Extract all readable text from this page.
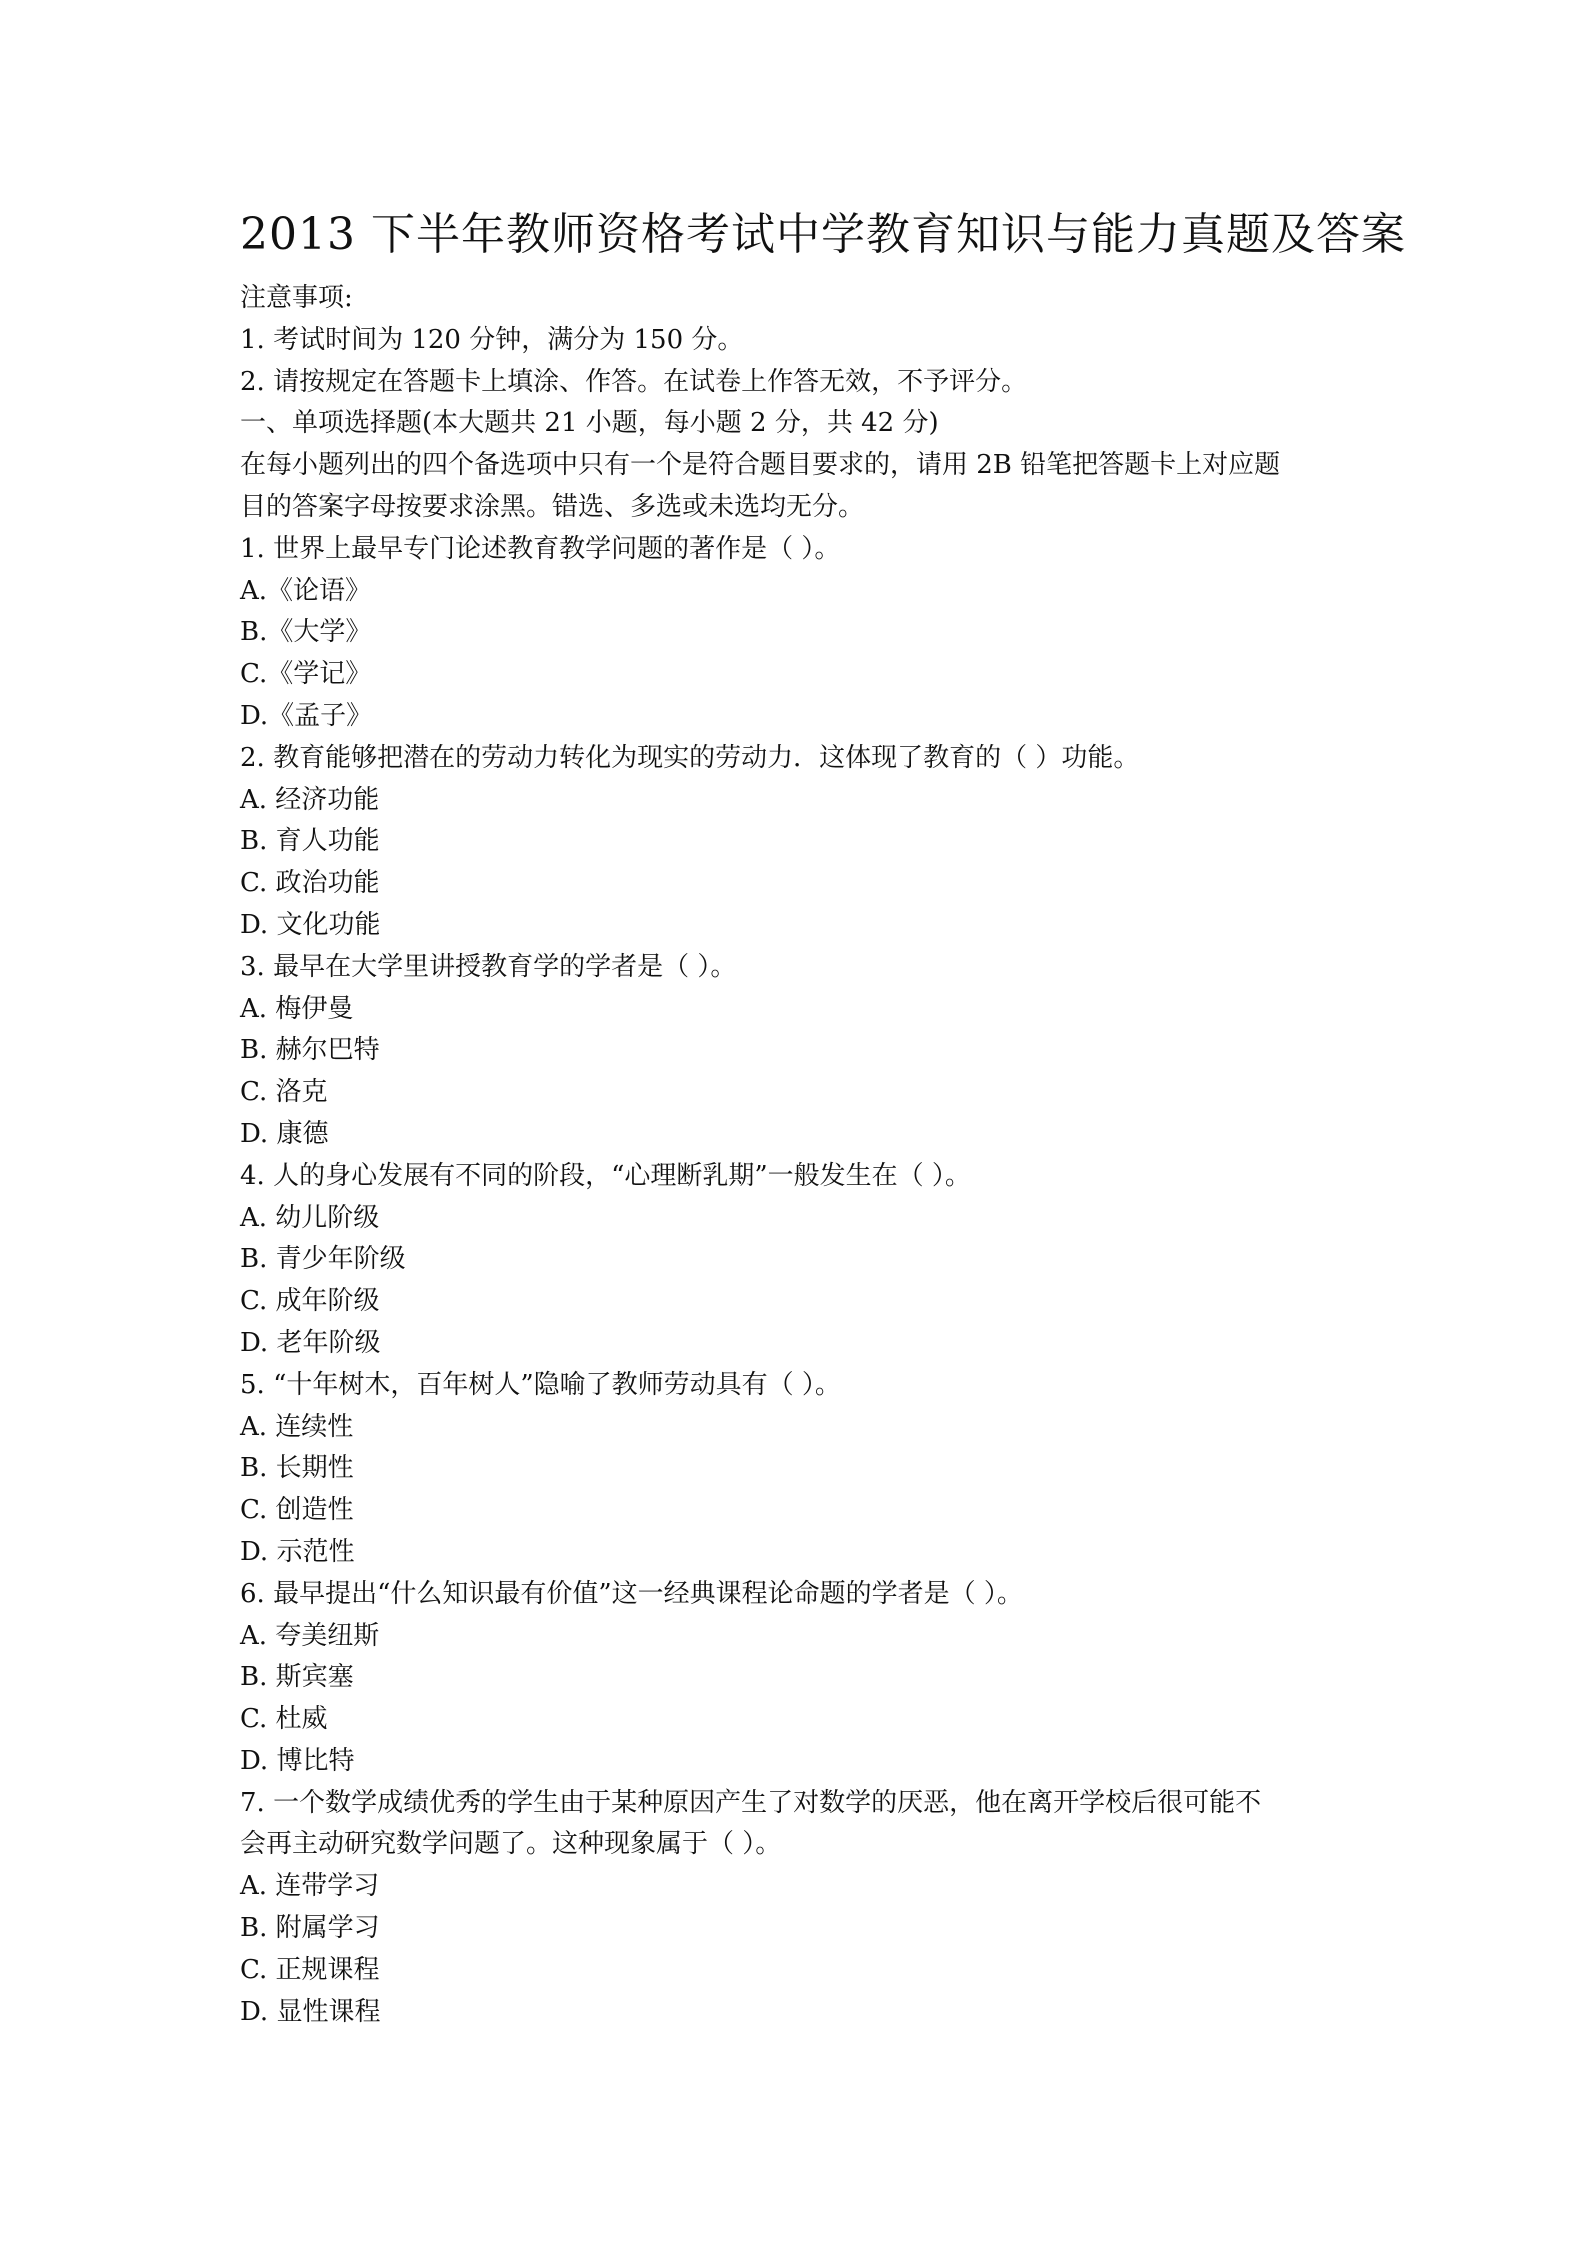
2013 下半年教师资格考试中学教育知识与能力真题及答案
注意事项:
1. 考试时间为 120 分钟，满分为 150 分。
2. 请按规定在答题卡上填涂、作答。在试卷上作答无效，不予评分。
一、单项选择题(本大题共 21 小题，每小题 2 分，共 42 分)
在每小题列出的四个备选项中只有一个是符合题目要求的，请用 2B 铅笔把答题卡上对应题
目的答案字母按要求涂黑。错选、多选或未选均无分。
1. 世界上最早专门论述教育教学问题的著作是（ ）。
A.《论语》
B.《大学》
C.《学记》
D.《孟子》
2. 教育能够把潜在的劳动力转化为现实的劳动力．这体现了教育的（ ）功能。
A. 经济功能
B. 育人功能
C. 政治功能
D. 文化功能
3. 最早在大学里讲授教育学的学者是（ ）。
A. 梅伊曼
B. 赫尔巴特
C. 洛克
D. 康德
4. 人的身心发展有不同的阶段，“心理断乳期”一般发生在（ ）。
A. 幼儿阶级
B. 青少年阶级
C. 成年阶级
D. 老年阶级
5. “十年树木，百年树人”隐喻了教师劳动具有（ ）。
A. 连续性
B. 长期性
C. 创造性
D. 示范性
6. 最早提出“什么知识最有价值”这一经典课程论命题的学者是（ ）。
A. 夸美纽斯
B. 斯宾塞
C. 杜威
D. 博比特
7. 一个数学成绩优秀的学生由于某种原因产生了对数学的厌恶，他在离开学校后很可能不
会再主动研究数学问题了。这种现象属于（ ）。
A. 连带学习
B. 附属学习
C. 正规课程
D. 显性课程
